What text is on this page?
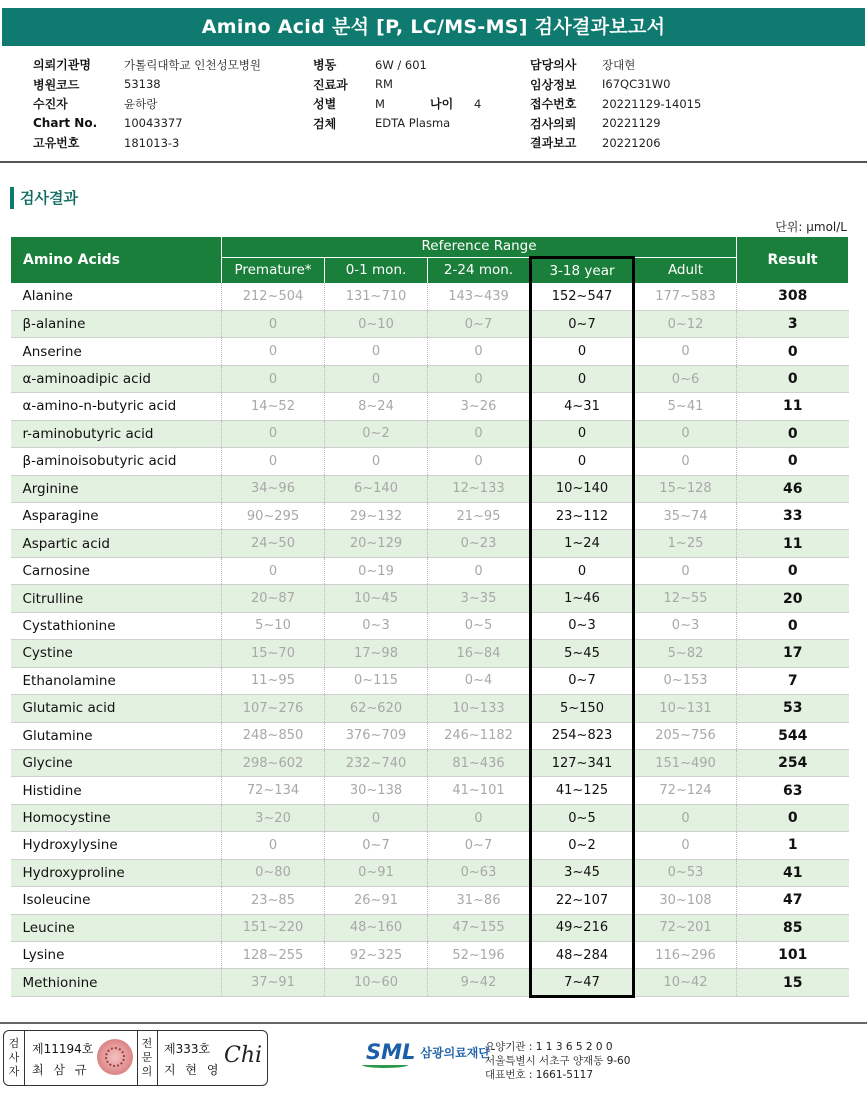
Amino Acid 분석 [P, LC/MS-MS] 검사결과보고서
의뢰기관명	가톨릭대학교 인천성모병원
병원코드	53138
수진자	윤하랑
Chart No.	10043377
고유번호	181013-3
병동	6W / 601
진료과	RM
성별	M	나이	4
검체	EDTA Plasma
담당의사	장대현
임상정보	I67QC31W0
접수번호	20221129-14015
검사의뢰	20221129
결과보고	20221206
검사결과
단위: μmol/L
Amino Acids	Reference Range					Result
	Premature*	0-1 mon.	2-24 mon.	3-18 year	Adult	
Alanine	212~504	131~710	143~439	152~547	177~583	308
β-alanine	0	0~10	0~7	0~7	0~12	3
Anserine	0	0	0	0	0	0
α-aminoadipic acid	0	0	0	0	0~6	0
α-amino-n-butyric acid	14~52	8~24	3~26	4~31	5~41	11
r-aminobutyric acid	0	0~2	0	0	0	0
β-aminoisobutyric acid	0	0	0	0	0	0
Arginine	34~96	6~140	12~133	10~140	15~128	46
Asparagine	90~295	29~132	21~95	23~112	35~74	33
Aspartic acid	24~50	20~129	0~23	1~24	1~25	11
Carnosine	0	0~19	0	0	0	0
Citrulline	20~87	10~45	3~35	1~46	12~55	20
Cystathionine	5~10	0~3	0~5	0~3	0~3	0
Cystine	15~70	17~98	16~84	5~45	5~82	17
Ethanolamine	11~95	0~115	0~4	0~7	0~153	7
Glutamic acid	107~276	62~620	10~133	5~150	10~131	53
Glutamine	248~850	376~709	246~1182	254~823	205~756	544
Glycine	298~602	232~740	81~436	127~341	151~490	254
Histidine	72~134	30~138	41~101	41~125	72~124	63
Homocystine	3~20	0	0	0~5	0	0
Hydroxylysine	0	0~7	0~7	0~2	0	1
Hydroxyproline	0~80	0~91	0~63	3~45	0~53	41
Isoleucine	23~85	26~91	31~86	22~107	30~108	47
Leucine	151~220	48~160	47~155	49~216	72~201	85
Lysine	128~255	92~325	52~196	48~284	116~296	101
Methionine	37~91	10~60	9~42	7~47	10~42	15
검사자
제11194호
최 삼 규
전문의
제333호
지 현 영
Chi	SML 삼광의료재단
요양기관 : 1 1 3 6 5 2 0 0
서울특별시 서초구 양재동 9-60
대표번호 : 1661-5117
